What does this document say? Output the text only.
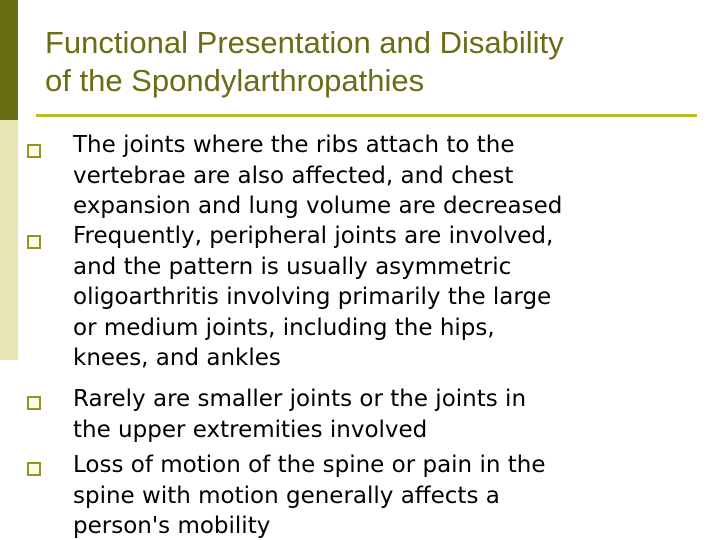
Functional Presentation and Disability
of the Spondylarthropathies

The joints where the ribs attach to the
vertebrae are also affected, and chest
expansion and lung volume are decreased

Frequently, peripheral joints are involved,
and the pattern is usually asymmetric
oligoarthritis involving primarily the large
or medium joints, including the hips,
knees, and ankles

Rarely are smaller joints or the joints in
the upper extremities involved

Loss of motion of the spine or pain in the
spine with motion generally affects a
person's mobility
